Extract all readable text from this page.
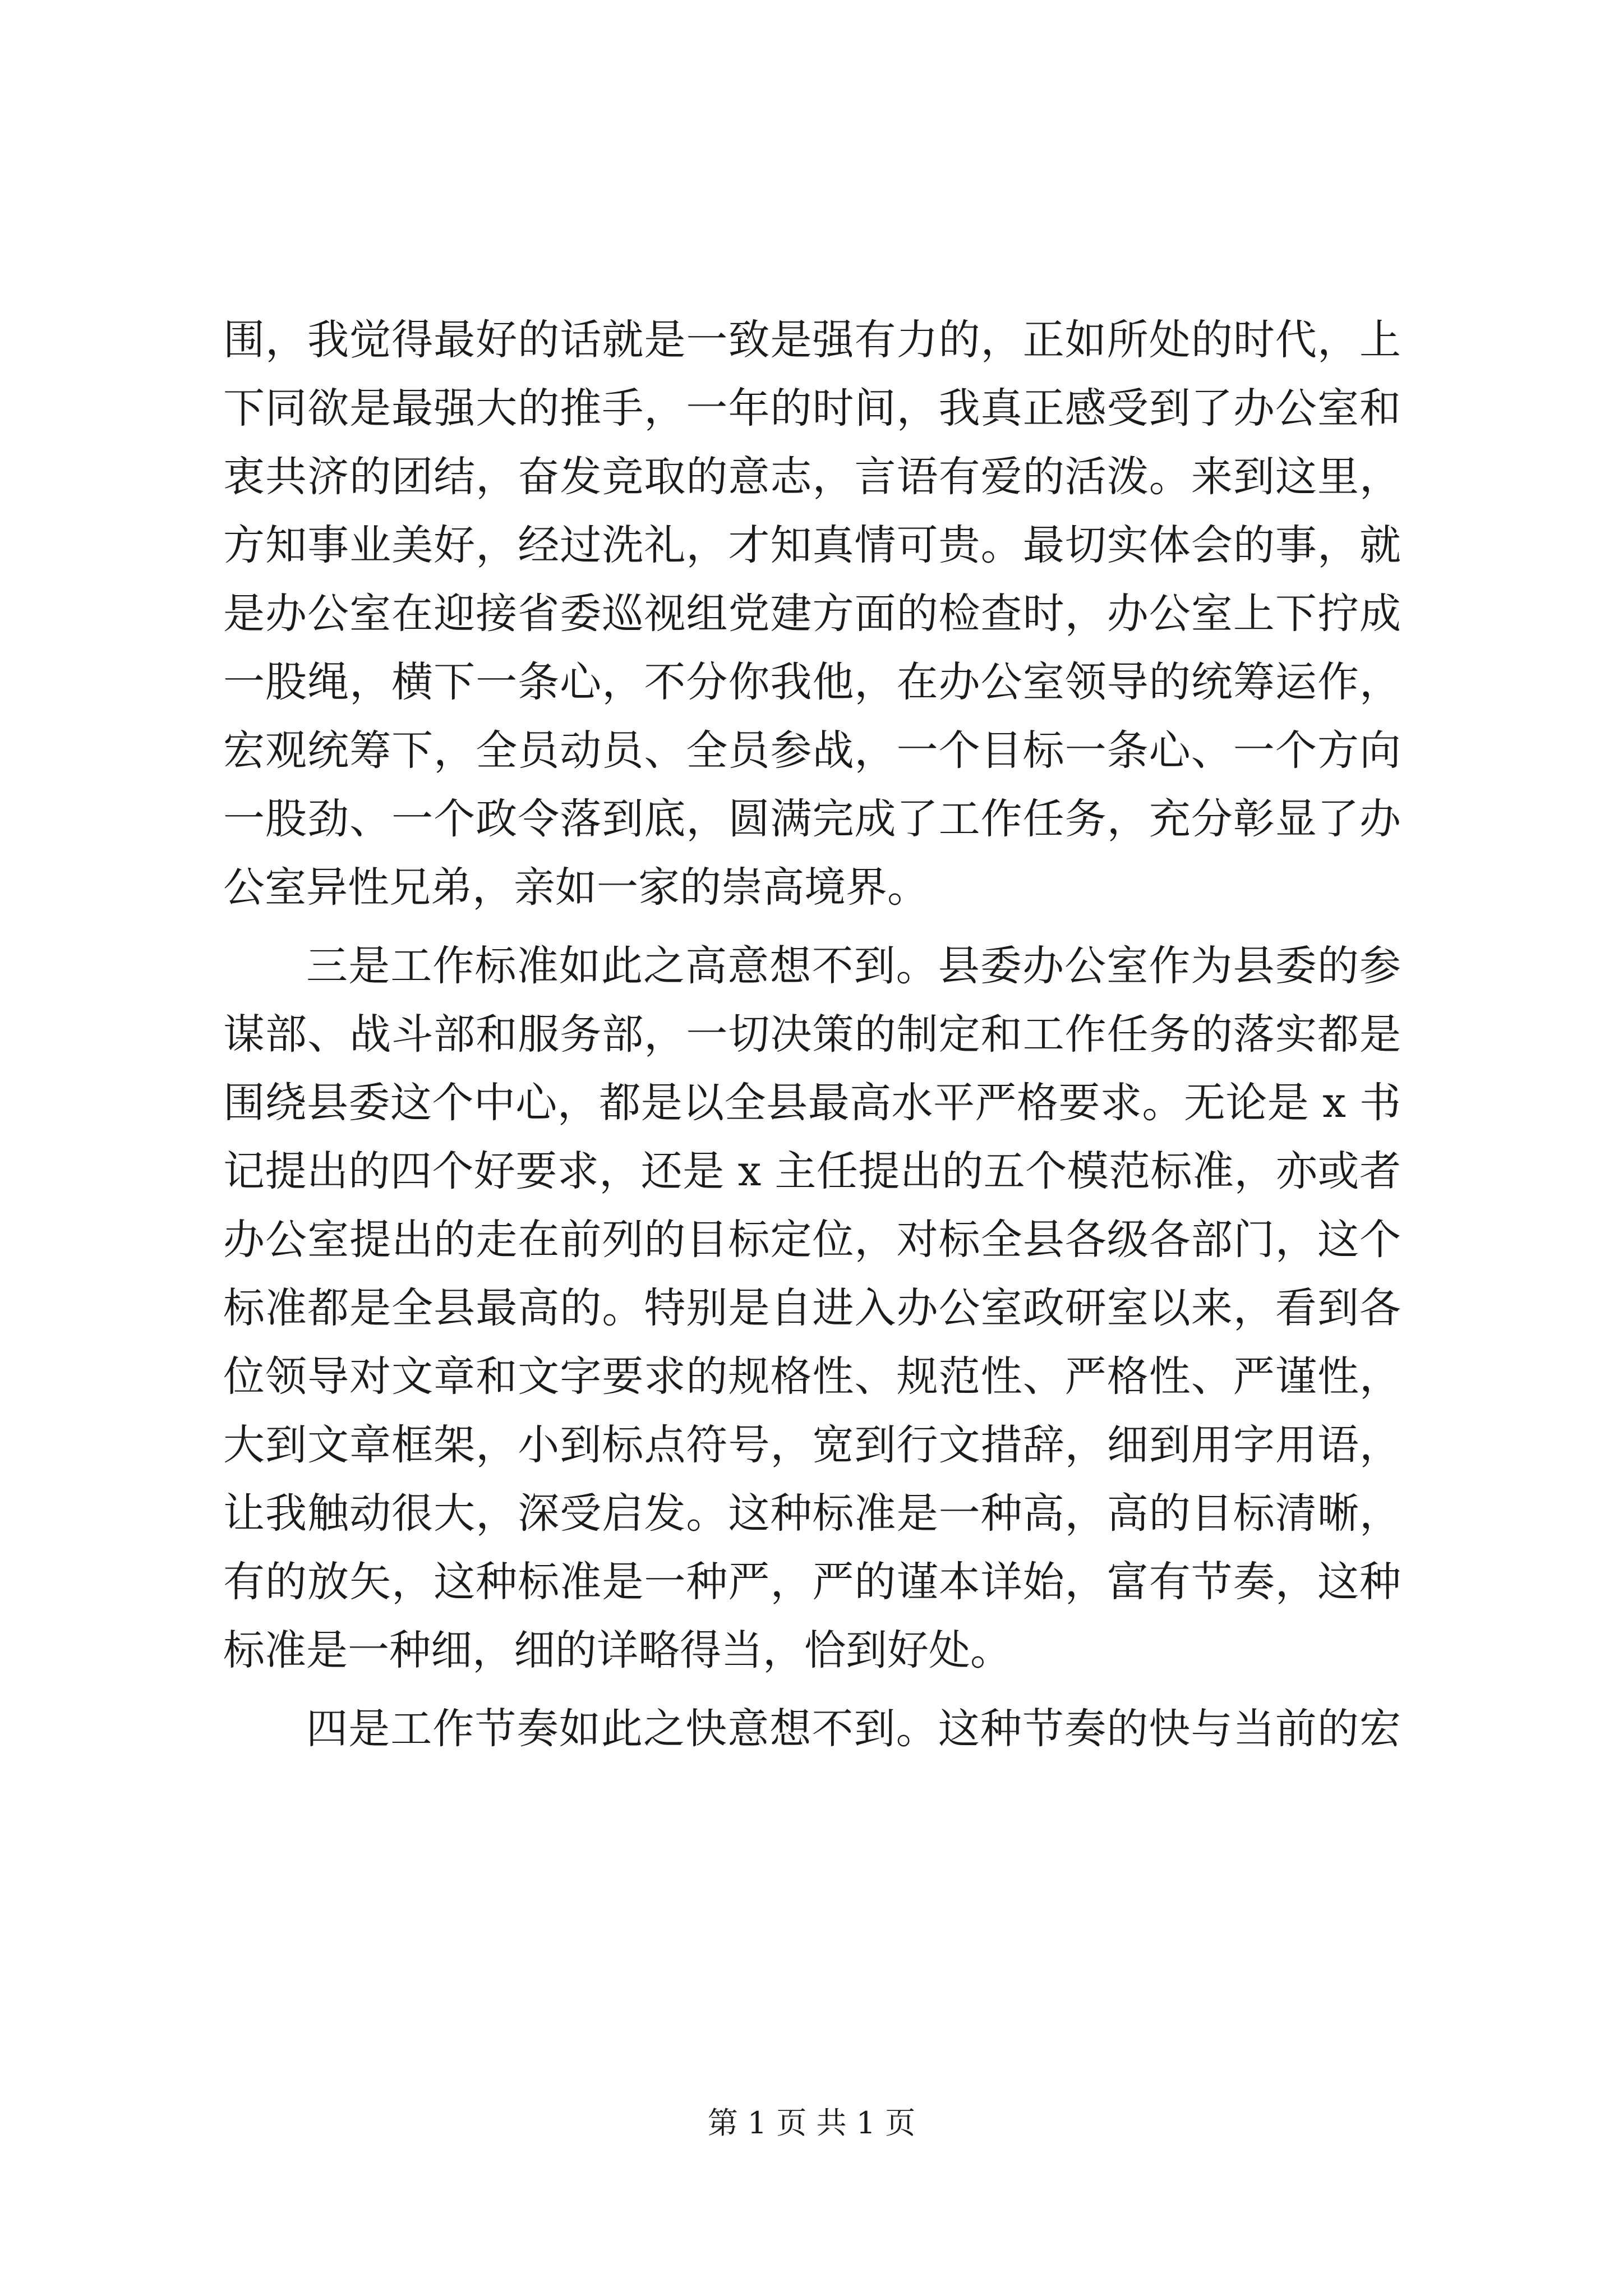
围，我觉得最好的话就是一致是强有力的，正如所处的时代，上
下同欲是最强大的推手，一年的时间，我真正感受到了办公室和
衷共济的团结，奋发竞取的意志，言语有爱的活泼。来到这里，
方知事业美好，经过洗礼，才知真情可贵。最切实体会的事，就
是办公室在迎接省委巡视组党建方面的检查时，办公室上下拧成
一股绳，横下一条心，不分你我他，在办公室领导的统筹运作，
宏观统筹下，全员动员、全员参战，一个目标一条心、一个方向
一股劲、一个政令落到底，圆满完成了工作任务，充分彰显了办
公室异性兄弟，亲如一家的崇高境界。
三是工作标准如此之高意想不到。县委办公室作为县委的参
谋部、战斗部和服务部，一切决策的制定和工作任务的落实都是
围绕县委这个中心，都是以全县最高水平严格要求。无论是 x 书
记提出的四个好要求，还是 x 主任提出的五个模范标准，亦或者
办公室提出的走在前列的目标定位，对标全县各级各部门，这个
标准都是全县最高的。特别是自进入办公室政研室以来，看到各
位领导对文章和文字要求的规格性、规范性、严格性、严谨性，
大到文章框架，小到标点符号，宽到行文措辞，细到用字用语，
让我触动很大，深受启发。这种标准是一种高，高的目标清晰，
有的放矢，这种标准是一种严，严的谨本详始，富有节奏，这种
标准是一种细，细的详略得当，恰到好处。
四是工作节奏如此之快意想不到。这种节奏的快与当前的宏
第 1 页 共 1 页
